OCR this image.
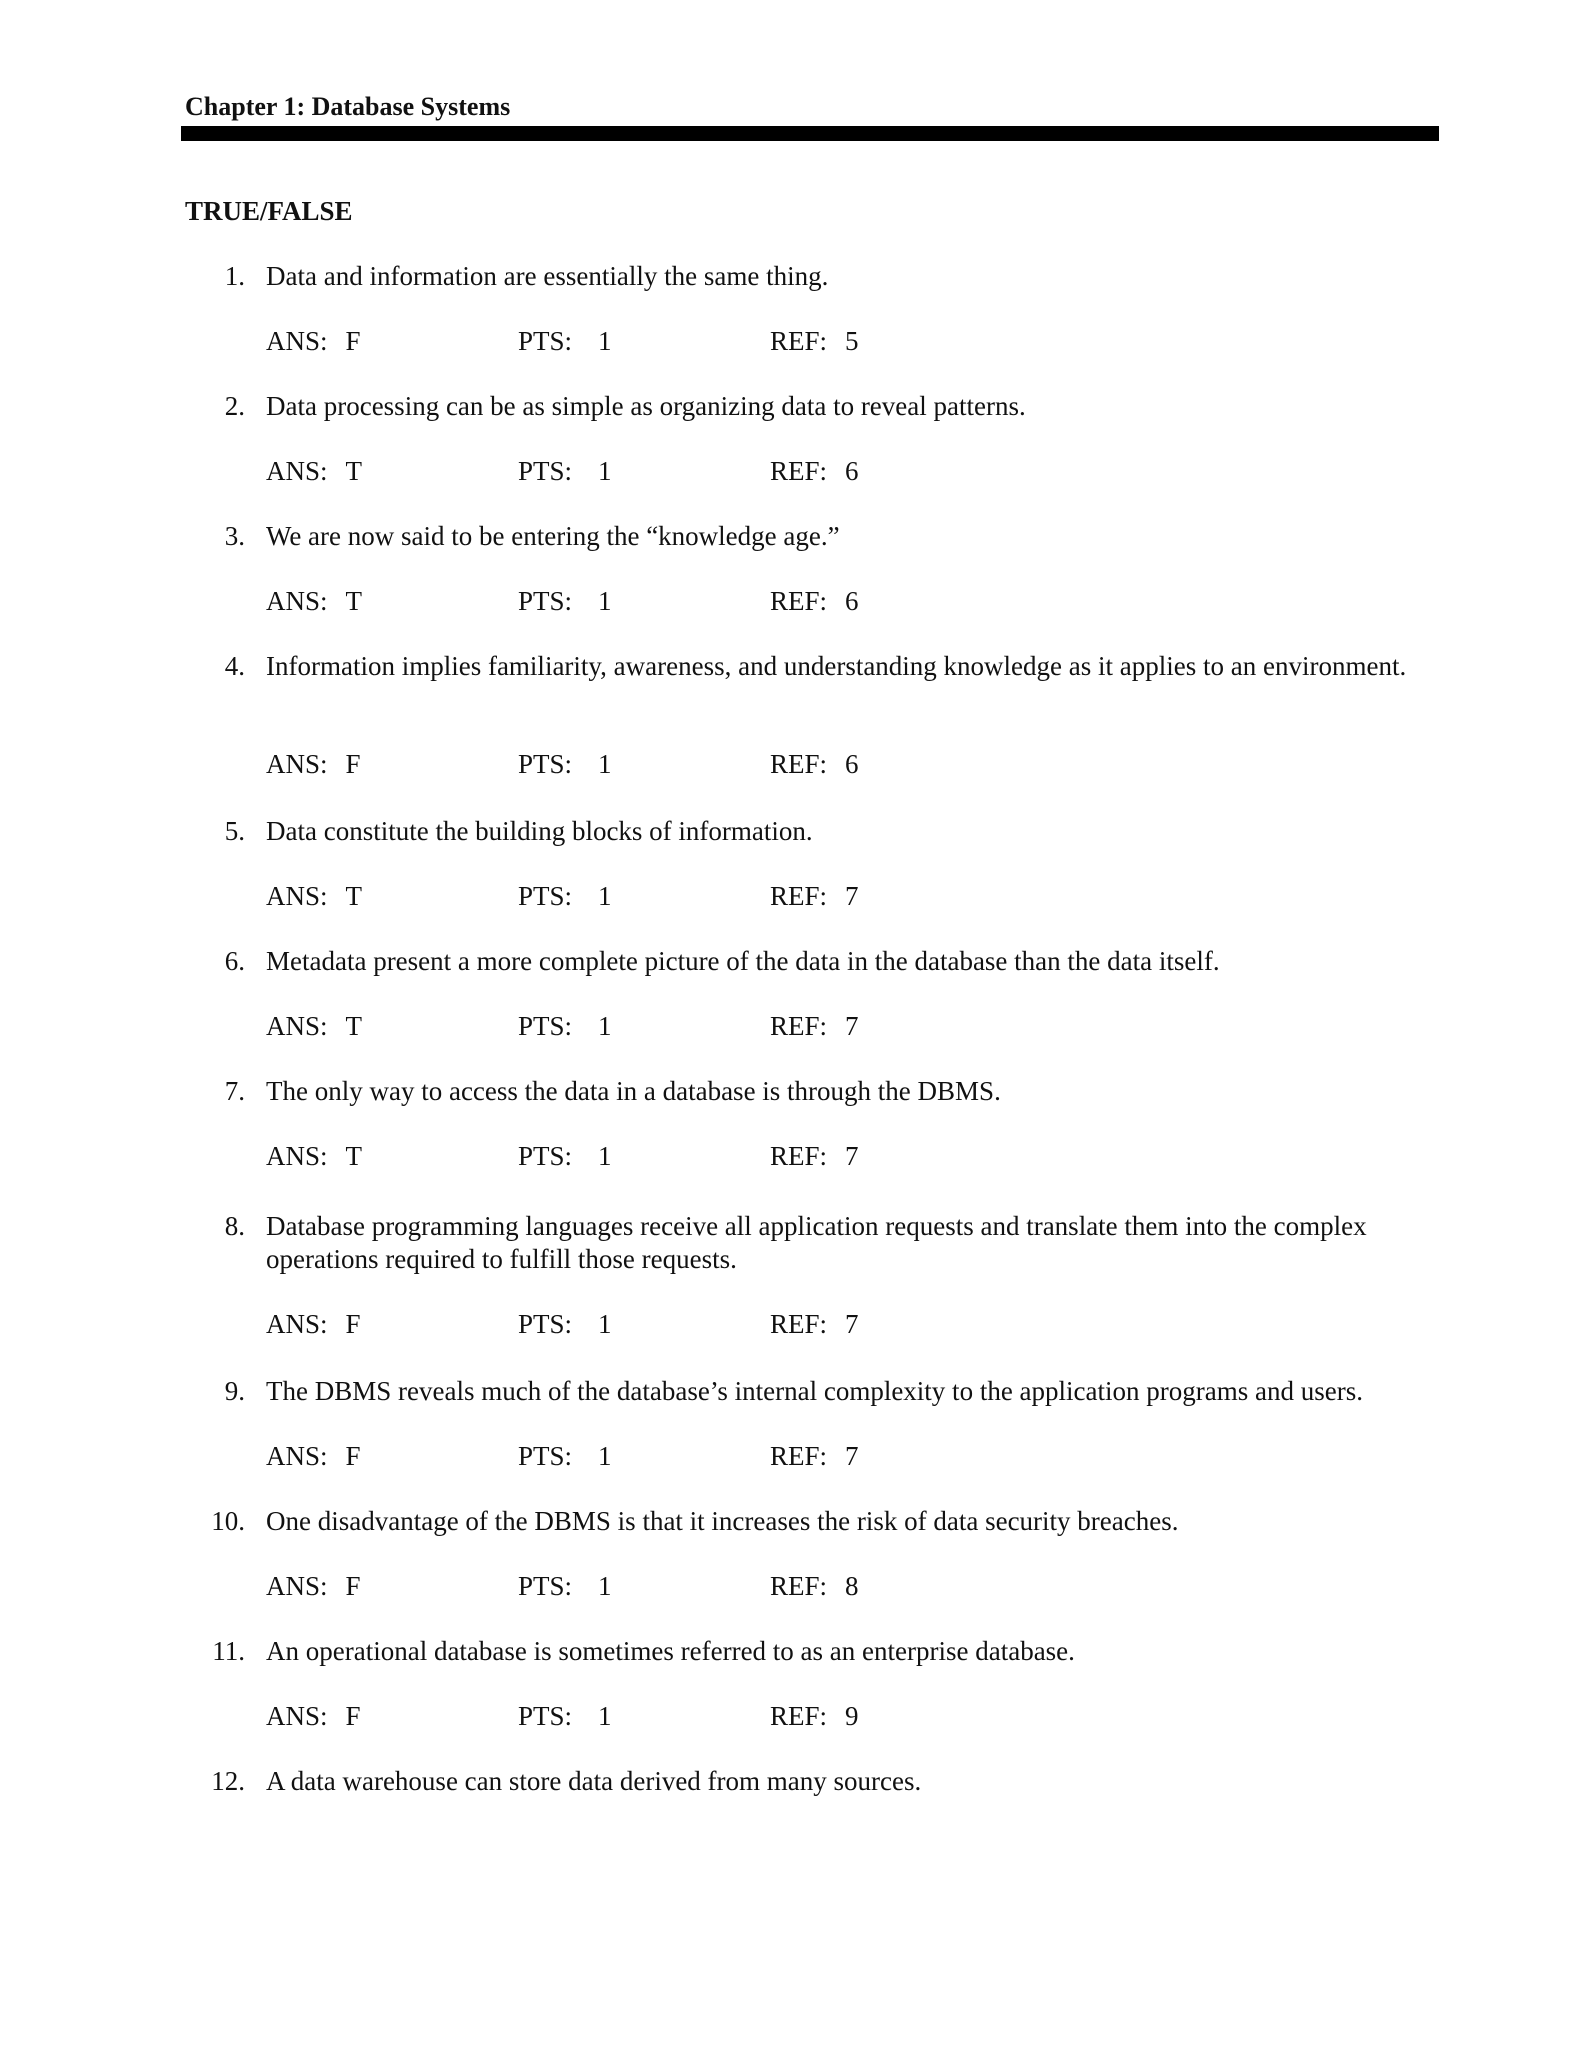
Chapter 1: Database Systems
TRUE/FALSE
1. Data and information are essentially the same thing.
ANS: F	PTS: 1	REF: 5
2. Data processing can be as simple as organizing data to reveal patterns.
ANS: T	PTS: 1	REF: 6
3. We are now said to be entering the “knowledge age.”
ANS: T	PTS: 1	REF: 6
4. Information implies familiarity, awareness, and understanding knowledge as it applies to an environment.
ANS: F	PTS: 1	REF: 6
5. Data constitute the building blocks of information.
ANS: T	PTS: 1	REF: 7
6. Metadata present a more complete picture of the data in the database than the data itself.
ANS: T	PTS: 1	REF: 7
7. The only way to access the data in a database is through the DBMS.
ANS: T	PTS: 1	REF: 7
8. Database programming languages receive all application requests and translate them into the complex operations required to fulfill those requests.
ANS: F	PTS: 1	REF: 7
9. The DBMS reveals much of the database’s internal complexity to the application programs and users.
ANS: F	PTS: 1	REF: 7
10. One disadvantage of the DBMS is that it increases the risk of data security breaches.
ANS: F	PTS: 1	REF: 8
11. An operational database is sometimes referred to as an enterprise database.
ANS: F	PTS: 1	REF: 9
12. A data warehouse can store data derived from many sources.
